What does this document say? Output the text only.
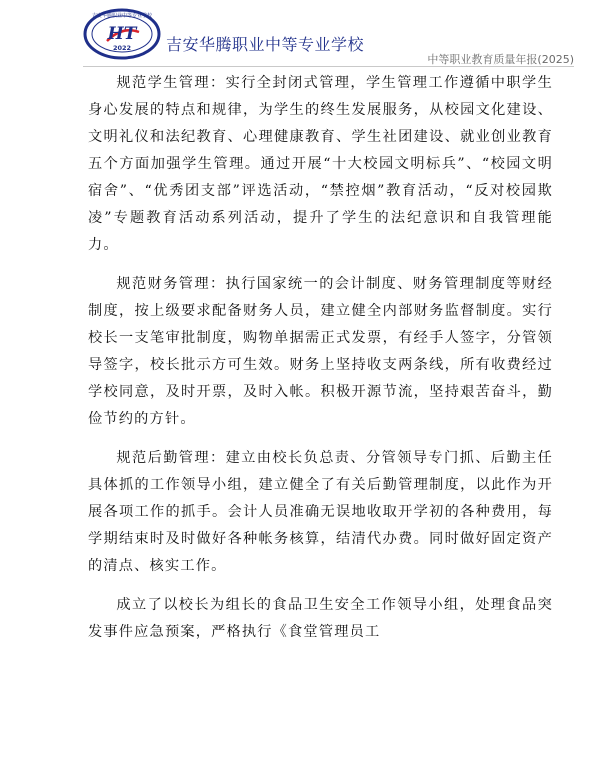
吉安华腾职业中等专业学校
HT
2022 吉安华腾职业中等专业学校
中等职业教育质量年报(2025)

规范学生管理：实行全封闭式管理，学生管理工作遵循中职学生身心发展的特点和规律，为学生的终生发展服务，从校园文化建设、文明礼仪和法纪教育、心理健康教育、学生社团建设、就业创业教育五个方面加强学生管理。通过开展“十大校园文明标兵”、“校园文明宿舍”、“优秀团支部”评选活动，“禁控烟”教育活动，“反对校园欺凌”专题教育活动系列活动，提升了学生的法纪意识和自我管理能力。

规范财务管理：执行国家统一的会计制度、财务管理制度等财经制度，按上级要求配备财务人员，建立健全内部财务监督制度。实行校长一支笔审批制度，购物单据需正式发票，有经手人签字，分管领导签字，校长批示方可生效。财务上坚持收支两条线，所有收费经过学校同意，及时开票，及时入帐。积极开源节流，坚持艰苦奋斗，勤俭节约的方针。

规范后勤管理：建立由校长负总责、分管领导专门抓、后勤主任具体抓的工作领导小组，建立健全了有关后勤管理制度，以此作为开展各项工作的抓手。会计人员准确无误地收取开学初的各种费用，每学期结束时及时做好各种帐务核算，结清代办费。同时做好固定资产的清点、核实工作。

成立了以校长为组长的食品卫生安全工作领导小组，处理食品突发事件应急预案，严格执行《食堂管理员工
